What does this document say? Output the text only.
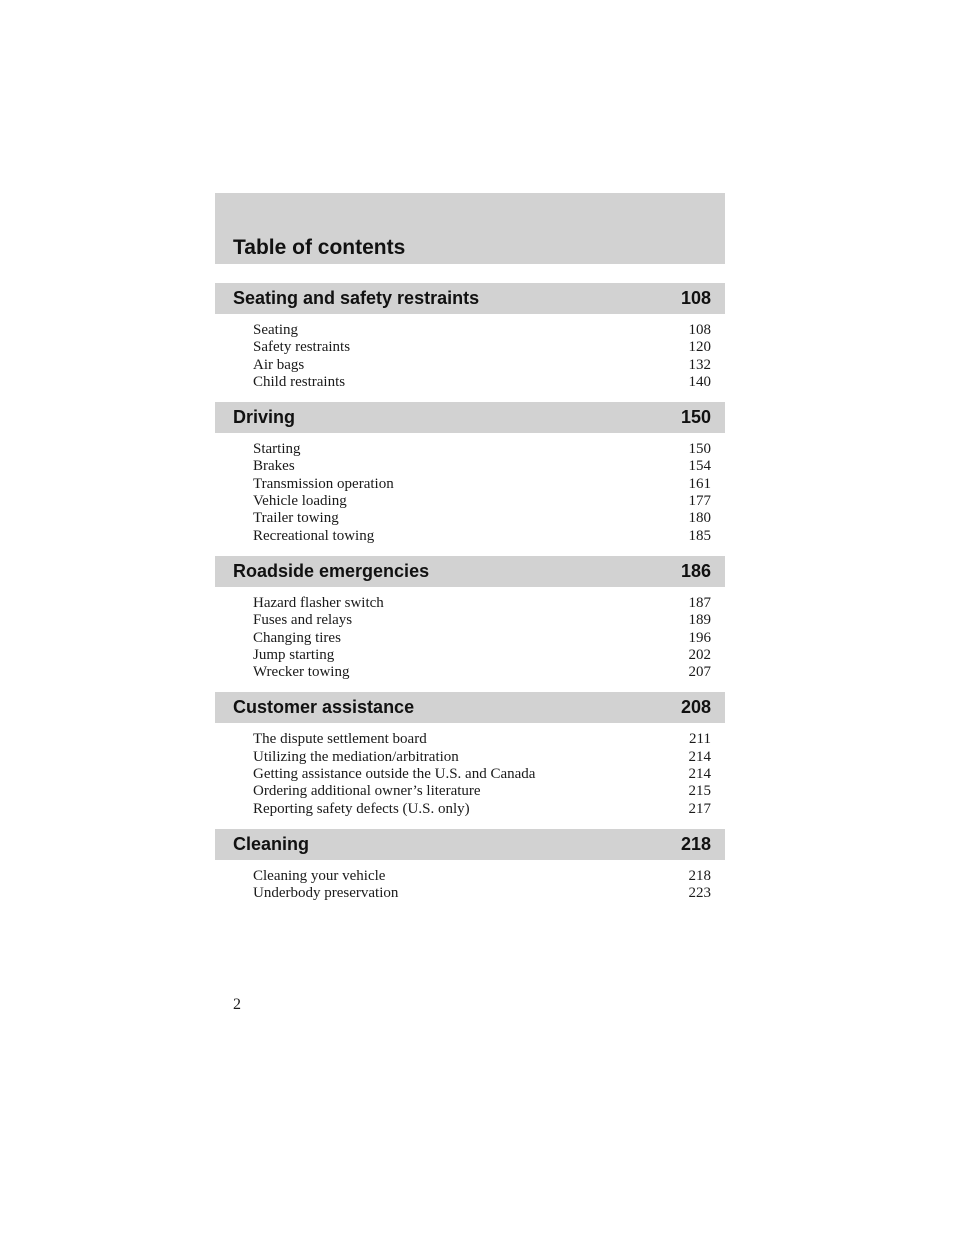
Table of contents
Seating and safety restraints	108
Seating	108
Safety restraints	120
Air bags	132
Child restraints	140
Driving	150
Starting	150
Brakes	154
Transmission operation	161
Vehicle loading	177
Trailer towing	180
Recreational towing	185
Roadside emergencies	186
Hazard flasher switch	187
Fuses and relays	189
Changing tires	196
Jump starting	202
Wrecker towing	207
Customer assistance	208
The dispute settlement board	211
Utilizing the mediation/arbitration	214
Getting assistance outside the U.S. and Canada	214
Ordering additional owner’s literature	215
Reporting safety defects (U.S. only)	217
Cleaning	218
Cleaning your vehicle	218
Underbody preservation	223
2
